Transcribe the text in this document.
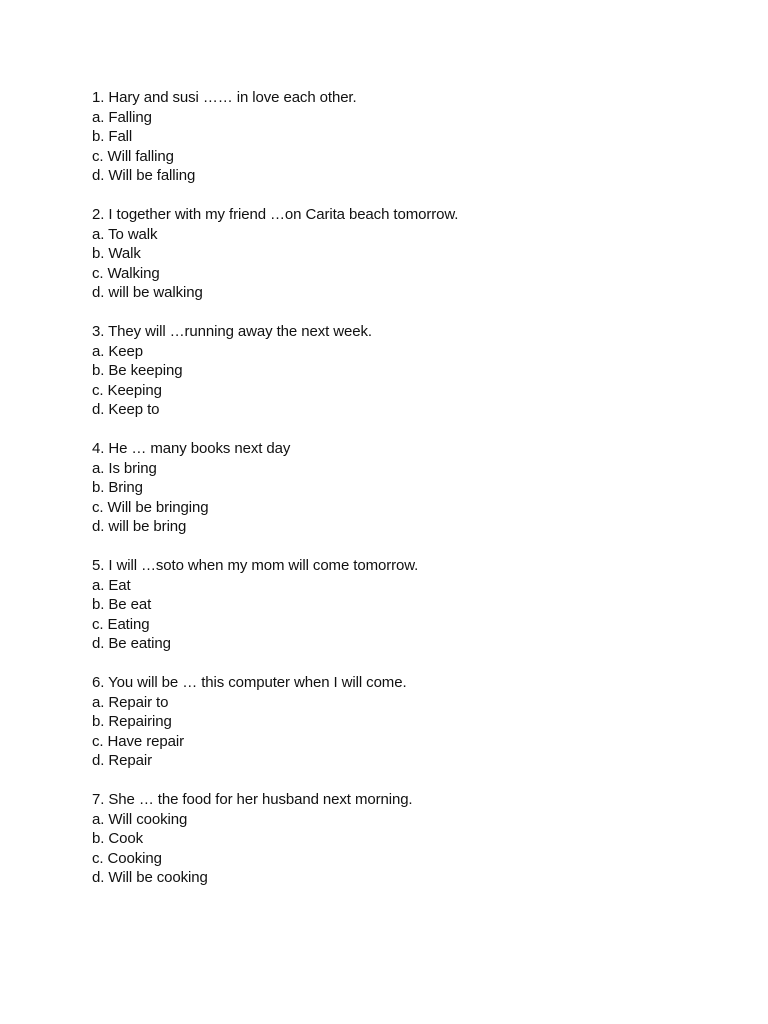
1. Hary and susi …… in love each other.
a. Falling
b. Fall
c. Will falling
d. Will be falling
2. I together with my friend …on Carita beach tomorrow.
a. To walk
b. Walk
c. Walking
d. will be walking
3. They will …running away the next week.
a. Keep
b. Be keeping
c. Keeping
d. Keep to
4. He … many books next day
a. Is bring
b. Bring
c. Will be bringing
d. will be bring
5. I will …soto when my mom will come tomorrow.
a. Eat
b. Be eat
c. Eating
d. Be eating
6. You will be … this computer when I will come.
a. Repair to
b. Repairing
c. Have repair
d. Repair
7. She … the food for her husband next morning.
a. Will cooking
b. Cook
c. Cooking
d. Will be cooking
